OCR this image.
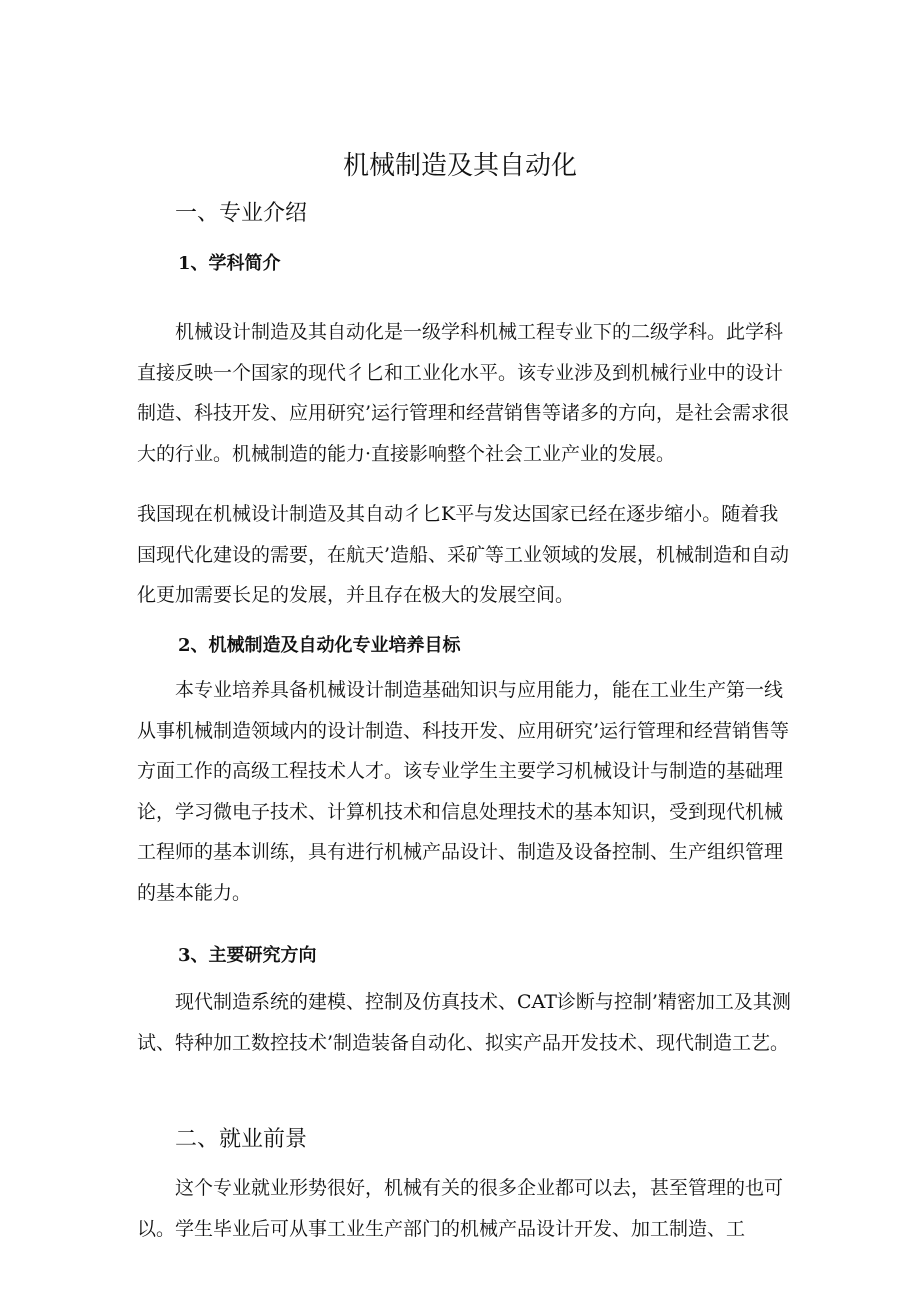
机械制造及其自动化
一、专业介绍
1、学科简介

机械设计制造及其自动化是一级学科机械工程专业下的二级学科。此学科直接反映一个国家的现代彳匕和工业化水平。该专业涉及到机械行业中的设计制造、科技开发、应用研究’运行管理和经营销售等诸多的方向，是社会需求很大的行业。机械制造的能力·直接影响整个社会工业产业的发展。

我国现在机械设计制造及其自动彳匕K平与发达国家已经在逐步缩小。随着我国现代化建设的需要，在航天’造船、采矿等工业领域的发展，机械制造和自动化更加需要长足的发展，并且存在极大的发展空间。

2、机械制造及自动化专业培养目标

本专业培养具备机械设计制造基础知识与应用能力，能在工业生产第一线从事机械制造领域内的设计制造、科技开发、应用研究’运行管理和经营销售等方面工作的高级工程技术人才。该专业学生主要学习机械设计与制造的基础理论，学习微电子技术、计算机技术和信息处理技术的基本知识，受到现代机械工程师的基本训练，具有进行机械产品设计、制造及设备控制、生产组织管理的基本能力。

3、主要研究方向

现代制造系统的建模、控制及仿真技术、CAT诊断与控制’精密加工及其测试、特种加工数控技术’制造装备自动化、拟实产品开发技术、现代制造工艺。

二、就业前景

这个专业就业形势很好，机械有关的很多企业都可以去，甚至管理的也可以。学生毕业后可从事工业生产部门的机械产品设计开发、加工制造、工
